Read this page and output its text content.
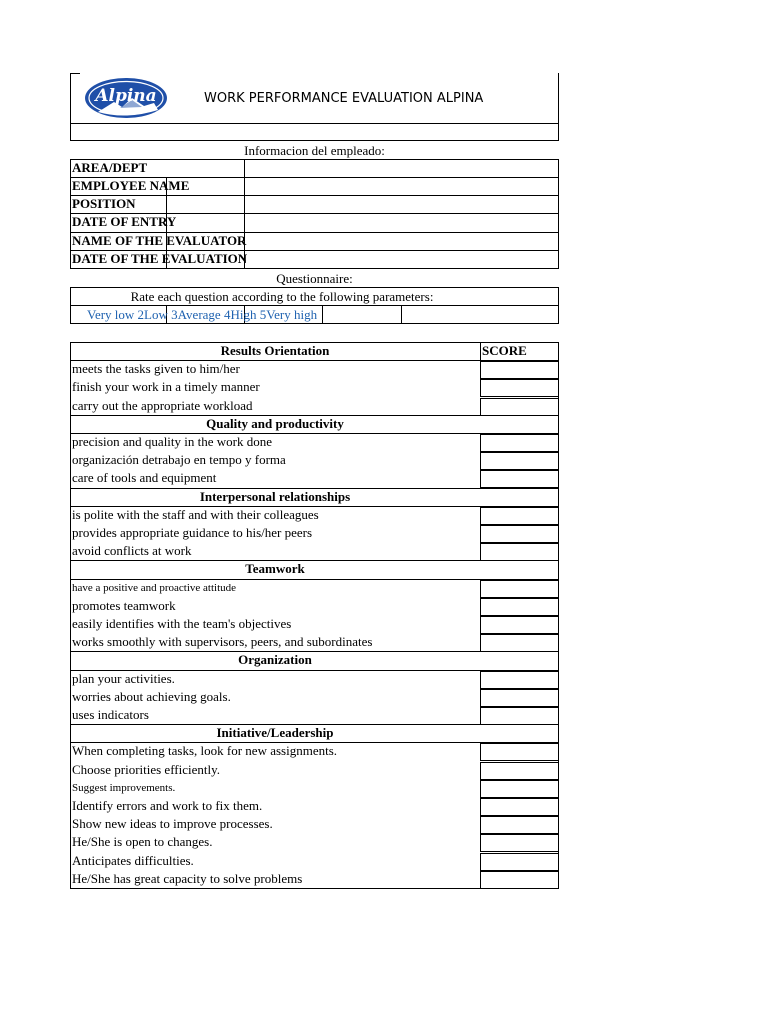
Alpina	WORK PERFORMANCE EVALUATION ALPINA
Informacion del empleado:
AREA/DEPT
EMPLOYEE NAME
POSITION
DATE OF ENTRY
NAME OF THE EVALUATOR
DATE OF THE EVALUATION
Questionnaire:
Rate each question according to the following parameters:
Very low 2Low 3Average 4High 5Very high
Results Orientation	SCORE
meets the tasks given to him/her
finish your work in a timely manner
carry out the appropriate workload
Quality and productivity
precision and quality in the work done
organización detrabajo en tempo y forma
care of tools and equipment
Interpersonal relationships
is polite with the staff and with their colleagues
provides appropriate guidance to his/her peers
avoid conflicts at work
Teamwork
have a positive and proactive attitude
promotes teamwork
easily identifies with the team's objectives
works smoothly with supervisors, peers, and subordinates
Organization
plan your activities.
worries about achieving goals.
uses indicators
Initiative/Leadership
When completing tasks, look for new assignments.
Choose priorities efficiently.
Suggest improvements.
Identify errors and work to fix them.
Show new ideas to improve processes.
He/She is open to changes.
Anticipates difficulties.
He/She has great capacity to solve problems
